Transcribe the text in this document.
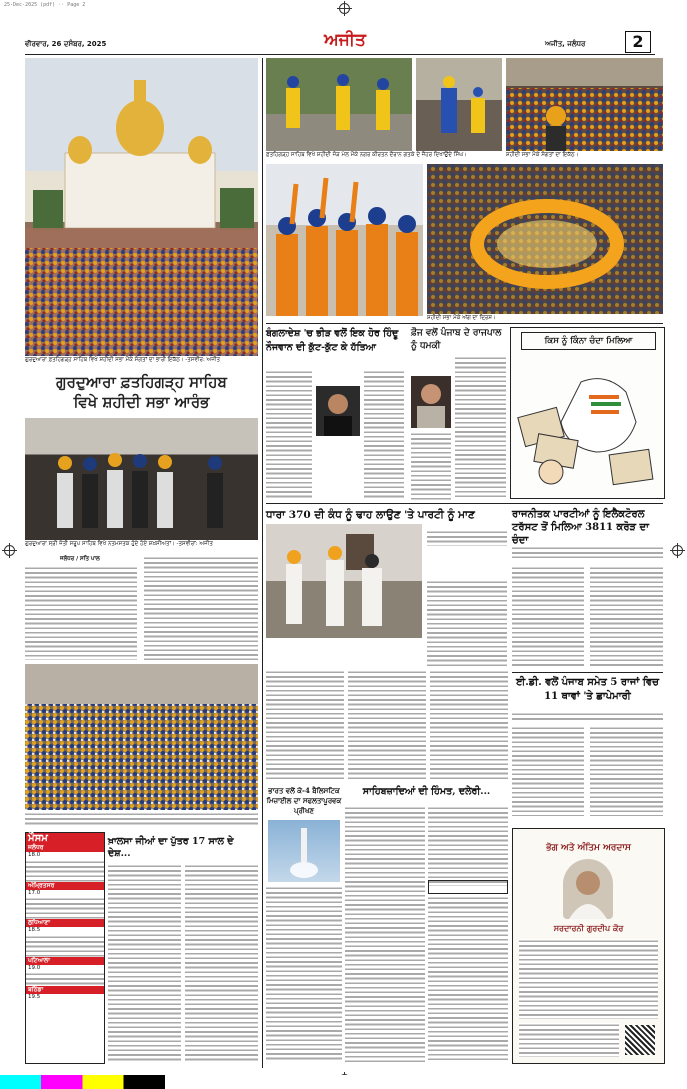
25-Dec-2025 (pdf) ·· Page 2
ਵੀਰਵਾਰ, 26 ਦਸੰਬਰ, 2025	ਅਜੀਤ	ਅਜੀਤ, ਜਲੰਧਰ	2
ਗੁਰਦੁਆਰਾ ਫ਼ਤਹਿਗੜ੍ਹ ਸਾਹਿਬ ਵਿਖੇ ਸ਼ਹੀਦੀ ਸਭਾ ਮੌਕੇ ਸੰਗਤਾਂ ਦਾ ਭਾਰੀ ਇਕੱਠ। -ਤਸਵੀਰ: ਅਜੀਤ
ਗੁਰਦੁਆਰਾ ਫ਼ਤਹਿਗੜ੍ਹ ਸਾਹਿਬ
ਵਿਖੇ ਸ਼ਹੀਦੀ ਸਭਾ ਆਰੰਭ
ਗੁਰਦੁਆਰਾ ਸ੍ਰੀ ਜੋਤੀ ਸਰੂਪ ਸਾਹਿਬ ਵਿਖੇ ਨਤਮਸਤਕ ਹੁੰਦੇ ਹੋਏ ਸ਼ਖ਼ਸੀਅਤਾਂ। -ਤਸਵੀਰਾਂ: ਅਜੀਤ
ਜਲੰਧਰ / ਸਤਿ ਪਾਲ
ਮੌਸਮ
ਜਲੰਧਰ
18.0
ਅੰਮ੍ਰਿਤਸਰ
17.0
ਲੁਧਿਆਣਾ
18.5
ਪਟਿਆਲਾ
19.0
ਬਠਿੰਡਾ
19.5
ਖ਼ਾਲਸਾ ਜੀਆਂ ਦਾ ਪੁੱਤਰ 17 ਸਾਲ ਦੇ ਦੇਸ਼...
ਫ਼ਤਹਿਗੜ੍ਹ ਸਾਹਿਬ ਵਿਖੇ ਸ਼ਹੀਦੀ ਜੋੜ ਮੇਲ ਮੌਕੇ ਨਗਰ ਕੀਰਤਨ ਦੌਰਾਨ ਗਤਕੇ ਦੇ ਜੌਹਰ ਦਿਖਾਉਂਦੇ ਸਿੰਘ।	ਸ਼ਹੀਦੀ ਸਭਾ ਮੌਕੇ ਸੰਗਤਾਂ ਦਾ ਇਕੱਠ।
ਸ਼ਹੀਦੀ ਸਭਾ ਮੌਕੇ ਅੱਗ ਦਾ ਦ੍ਰਿਸ਼।
ਬੰਗਲਾਦੇਸ਼ 'ਚ ਭੀੜ ਵਲੋਂ ਇਕ ਹੋਰ ਹਿੰਦੂ ਨੌਜਵਾਨ ਦੀ ਕੁੱਟ-ਕੁੱਟ ਕੇ ਹੱਤਿਆ
ਫ਼ੌਜ ਵਲੋਂ ਪੰਜਾਬ ਦੇ ਰਾਜਪਾਲ ਨੂੰ ਧਮਕੀ	ਕਿਸ ਨੂੰ ਕਿੰਨਾ ਚੰਦਾ ਮਿਲਿਆ
ਧਾਰਾ 370 ਦੀ ਕੰਧ ਨੂੰ ਢਾਹ ਲਾਉਣ 'ਤੇ ਪਾਰਟੀ ਨੂੰ ਮਾਣ	ਰਾਜਨੀਤਕ ਪਾਰਟੀਆਂ ਨੂੰ ਇਲੈਕਟੋਰਲ ਟਰੱਸਟ ਤੋਂ ਮਿਲਿਆ 3811 ਕਰੋੜ ਦਾ ਚੰਦਾ
ਈ.ਡੀ. ਵਲੋਂ ਪੰਜਾਬ ਸਮੇਤ 5 ਰਾਜਾਂ ਵਿਚ 11 ਥਾਵਾਂ 'ਤੇ ਛਾਪੇਮਾਰੀ
ਸਾਹਿਬਜ਼ਾਦਿਆਂ ਦੀ ਹਿੰਮਤ, ਦਲੇਰੀ...
ਭਾਰਤ ਵਲੋਂ ਕੇ-4 ਬੈਲਿਸਟਿਕ ਮਿਜ਼ਾਈਲ ਦਾ ਸਫਲਤਾਪੂਰਵਕ ਪ੍ਰੀਖਣ
ਭੋਗ ਅਤੇ ਅੰਤਿਮ ਅਰਦਾਸ
ਸਰਦਾਰਨੀ ਗੁਰਦੀਪ ਕੌਰ
